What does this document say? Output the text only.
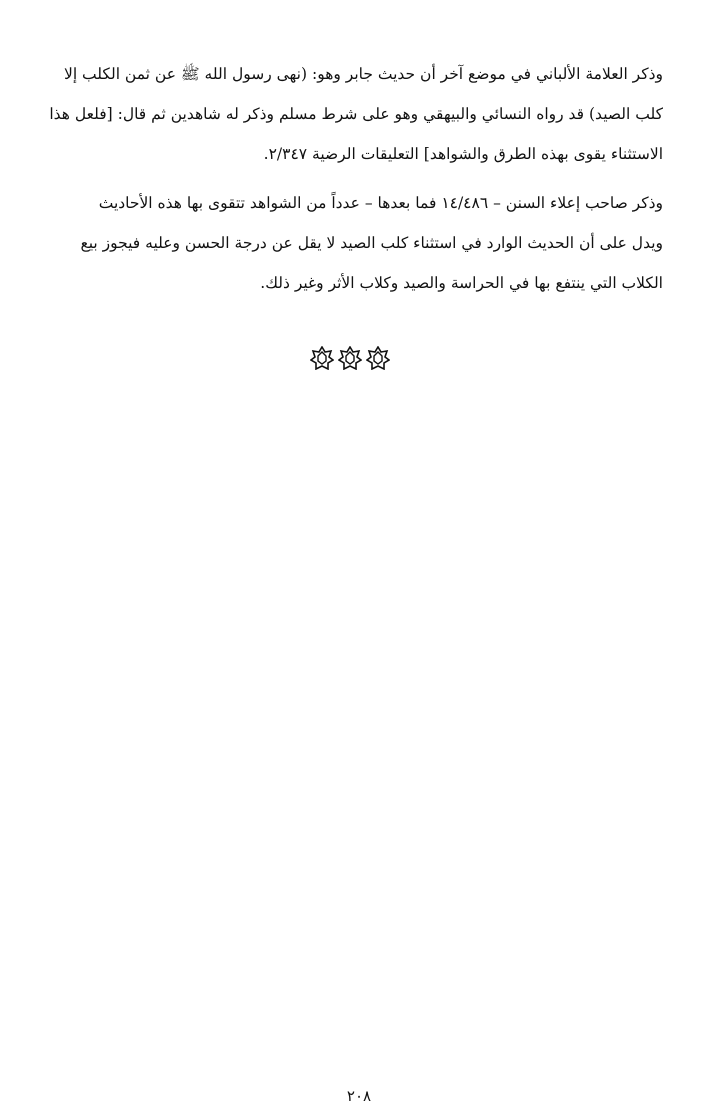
وذكر العلامة الألباني في موضع آخر أن حديث جابر وهو: (نهى رسول الله ﷺ عن ثمن الكلب إلا
كلب الصيد) قد رواه النسائي والبيهقي وهو على شرط مسلم وذكر له شاهدين ثم قال: [فلعل هذا
الاستثناء يقوى بهذه الطرق والشواهد] التعليقات الرضية ٢/٣٤٧.
وذكر صاحب إعلاء السنن – ١٤/٤٨٦ فما بعدها – عدداً من الشواهد تتقوى بها هذه الأحاديث
ويدل على أن الحديث الوارد في استثناء كلب الصيد لا يقل عن درجة الحسن وعليه فيجوز بيع
الكلاب التي ينتفع بها في الحراسة والصيد وكلاب الأثر وغير ذلك.
٢٠٨
